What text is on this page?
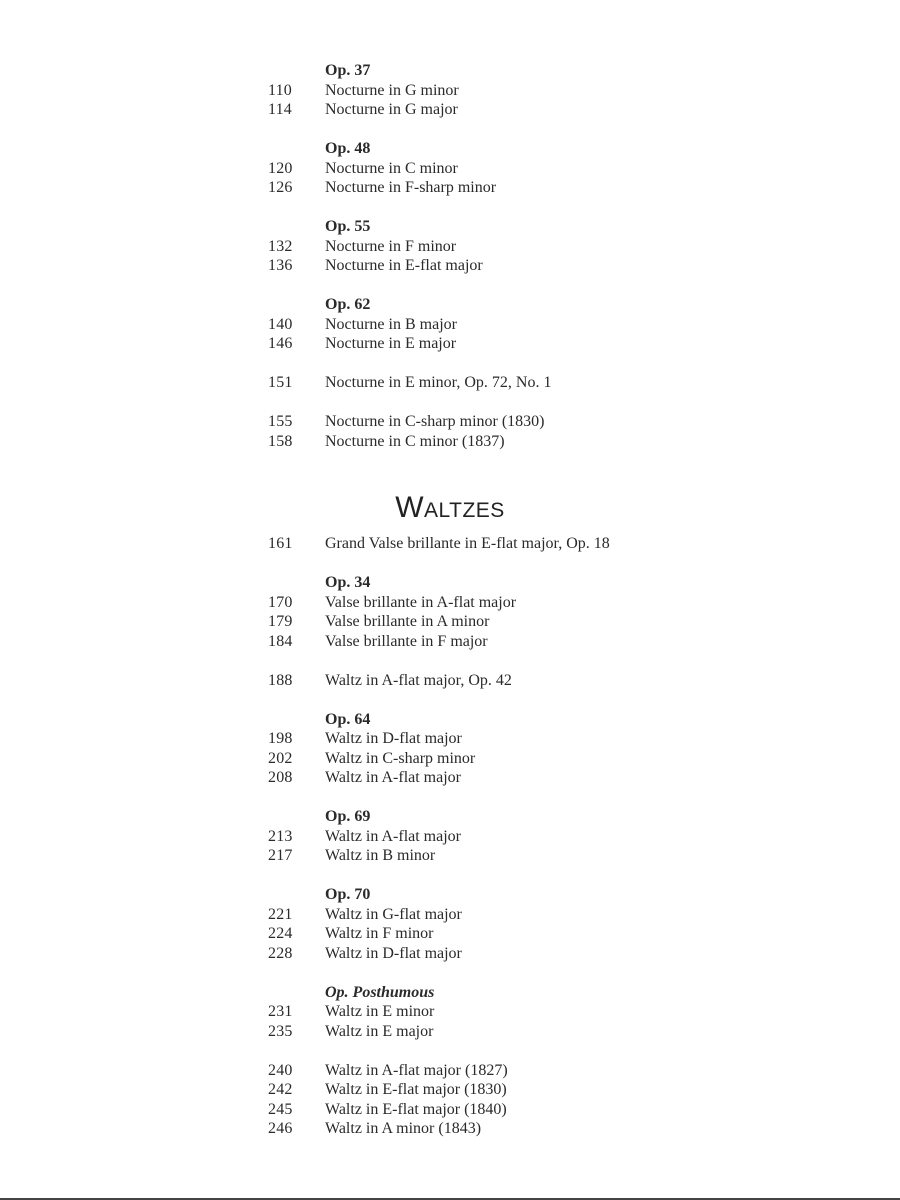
Op. 37
110	Nocturne in G minor
114	Nocturne in G major
Op. 48
120	Nocturne in C minor
126	Nocturne in F-sharp minor
Op. 55
132	Nocturne in F minor
136	Nocturne in E-flat major
Op. 62
140	Nocturne in B major
146	Nocturne in E major
151	Nocturne in E minor, Op. 72, No. 1
155	Nocturne in C-sharp minor (1830)
158	Nocturne in C minor (1837)
Waltzes
161	Grand Valse brillante in E-flat major, Op. 18
Op. 34
170	Valse brillante in A-flat major
179	Valse brillante in A minor
184	Valse brillante in F major
188	Waltz in A-flat major, Op. 42
Op. 64
198	Waltz in D-flat major
202	Waltz in C-sharp minor
208	Waltz in A-flat major
Op. 69
213	Waltz in A-flat major
217	Waltz in B minor
Op. 70
221	Waltz in G-flat major
224	Waltz in F minor
228	Waltz in D-flat major
Op. Posthumous
231	Waltz in E minor
235	Waltz in E major
240	Waltz in A-flat major (1827)
242	Waltz in E-flat major (1830)
245	Waltz in E-flat major (1840)
246	Waltz in A minor (1843)
